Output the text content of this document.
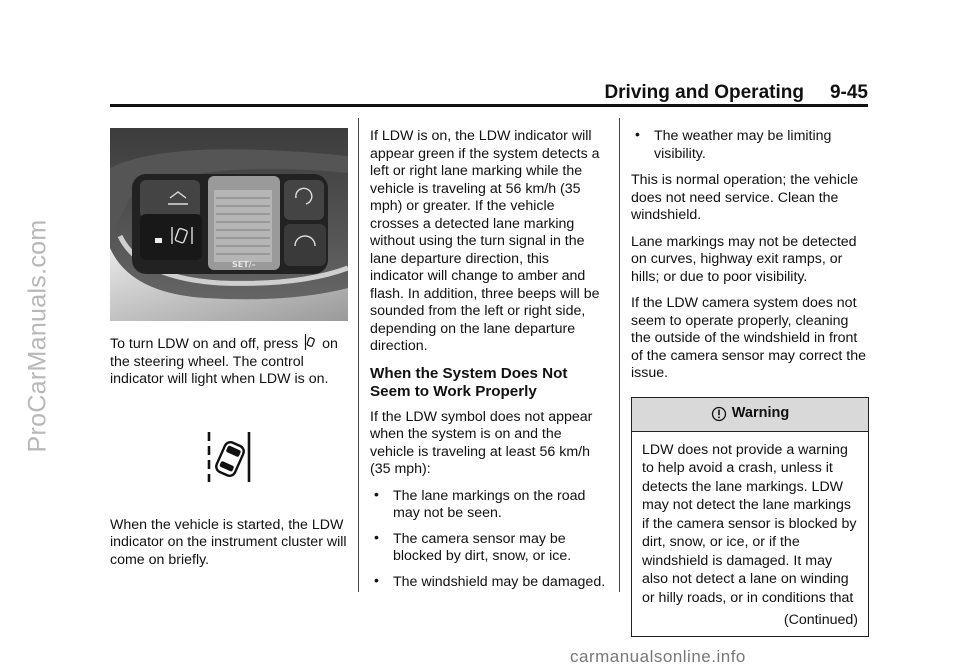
ProCarManuals.com
Driving and Operating 9-45
SET/–

To turn LDW on and off, press  on the steering wheel. The control indicator will light when LDW is on.

When the vehicle is started, the LDW indicator on the instrument cluster will come on briefly.

If LDW is on, the LDW indicator will appear green if the system detects a left or right lane marking while the vehicle is traveling at 56 km/h (35 mph) or greater. If the vehicle crosses a detected lane marking without using the turn signal in the lane departure direction, this indicator will change to amber and flash. In addition, three beeps will be sounded from the left or right side, depending on the lane departure direction.

When the System Does Not Seem to Work Properly

If the LDW symbol does not appear when the system is on and the vehicle is traveling at least 56 km/h (35 mph):

• The lane markings on the road may not be seen.
• The camera sensor may be blocked by dirt, snow, or ice.
• The windshield may be damaged.
• The weather may be limiting visibility.

This is normal operation; the vehicle does not need service. Clean the windshield.

Lane markings may not be detected on curves, highway exit ramps, or hills; or due to poor visibility.

If the LDW camera system does not seem to operate properly, cleaning the outside of the windshield in front of the camera sensor may correct the issue.

Warning
LDW does not provide a warning to help avoid a crash, unless it detects the lane markings. LDW may not detect the lane markings if the camera sensor is blocked by dirt, snow, or ice, or if the windshield is damaged. It may also not detect a lane on winding or hilly roads, or in conditions that
(Continued)
carmanualsonline.info
